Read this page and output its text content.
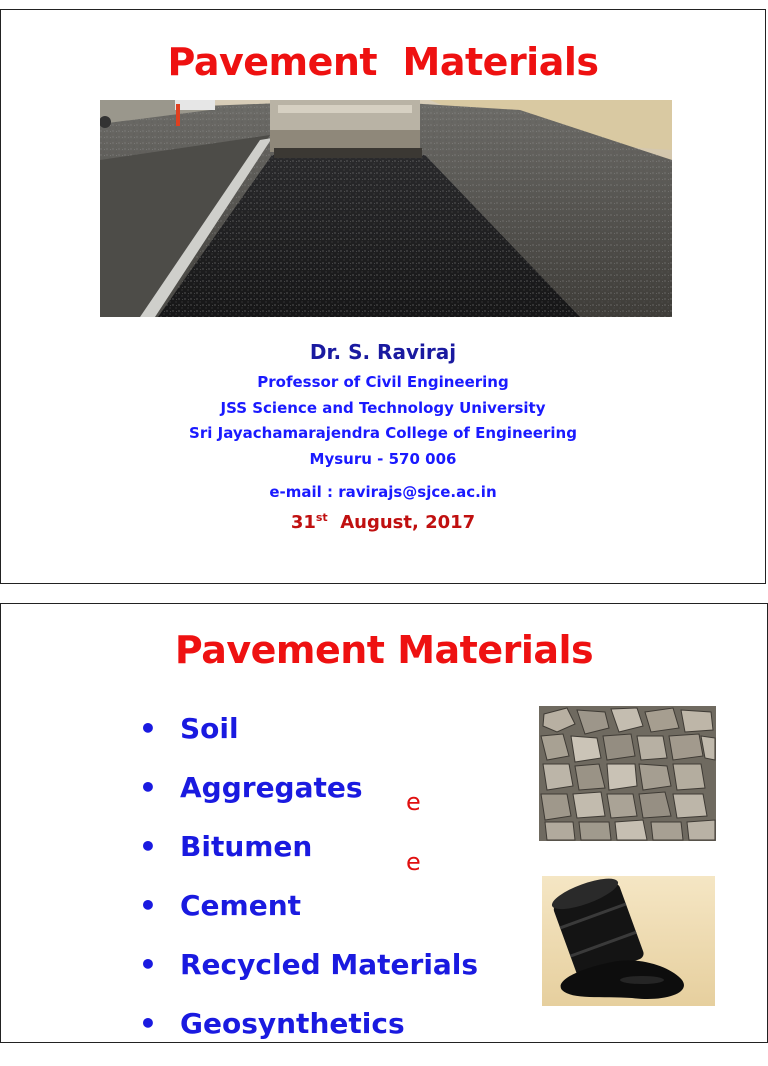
Pavement  Materials
Dr. S. Raviraj
Professor of Civil Engineering
JSS Science and Technology University
Sri Jayachamarajendra College of Engineering
Mysuru - 570 006
e-mail : ravirajs@sjce.ac.in
31st  August, 2017
Pavement Materials
• Soil
• Aggregates
• Bitumen
• Cement
• Recycled Materials
• Geosynthetics
e
e
